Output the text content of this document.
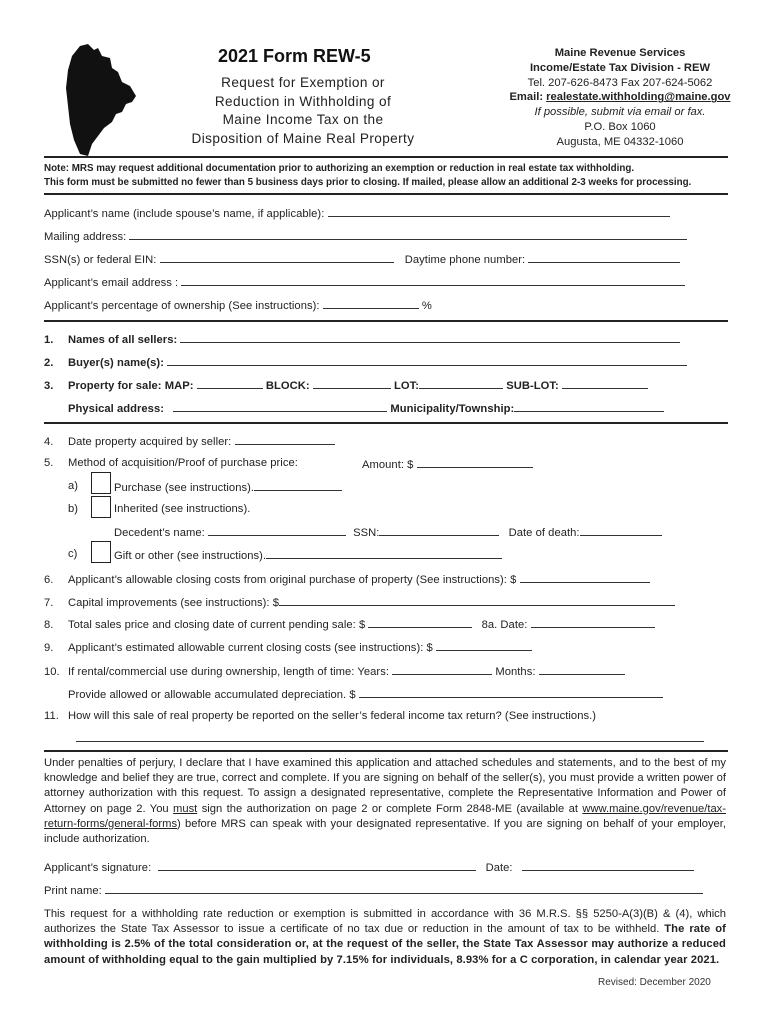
2021 Form REW-5
Request for Exemption or
Reduction in Withholding of
Maine Income Tax on the
Disposition of Maine Real Property
Maine Revenue Services
Income/Estate Tax Division - REW
Tel. 207-626-8473 Fax 207-624-5062
Email: realestate.withholding@maine.gov
If possible, submit via email or fax.
P.O. Box 1060
Augusta, ME 04332-1060
Note: MRS may request additional documentation prior to authorizing an exemption or reduction in real estate tax withholding.
This form must be submitted no fewer than 5 business days prior to closing. If mailed, please allow an additional 2-3 weeks for processing.
Applicant’s name (include spouse’s name, if applicable):
Mailing address:
SSN(s) or federal EIN:	Daytime phone number:
Applicant’s email address :
Applicant’s percentage of ownership (See instructions):	%
1. Names of all sellers:
2. Buyer(s) name(s):
3. Property for sale: MAP:	BLOCK:	LOT:	SUB-LOT:
Physical address:	Municipality/Township:
4. Date property acquired by seller:
5. Method of acquisition/Proof of purchase price:	Amount: $
a)	Purchase (see instructions).
b)	Inherited (see instructions).
Decedent’s name:	SSN:	Date of death:
c)	Gift or other (see instructions).
6. Applicant’s allowable closing costs from original purchase of property (See instructions): $
7. Capital improvements (see instructions): $
8. Total sales price and closing date of current pending sale: $	8a. Date:
9. Applicant’s estimated allowable current closing costs (see instructions): $
10. If rental/commercial use during ownership, length of time: Years:	Months:
Provide allowed or allowable accumulated depreciation. $
11. How will this sale of real property be reported on the seller’s federal income tax return? (See instructions.)

Under penalties of perjury, I declare that I have examined this application and attached schedules and statements, and to the best of my knowledge and belief they are true, correct and complete. If you are signing on behalf of the seller(s), you must provide a written power of attorney authorization with this request. To assign a designated representative, complete the Representative Information and Power of Attorney on page 2. You must sign the authorization on page 2 or complete Form 2848-ME (available at www.maine.gov/revenue/tax-return-forms/general-forms) before MRS can speak with your designated representative. If you are signing on behalf of your employer, include authorization.

Applicant’s signature:	Date:
Print name:

This request for a withholding rate reduction or exemption is submitted in accordance with 36 M.R.S. §§ 5250-A(3)(B) & (4), which authorizes the State Tax Assessor to issue a certificate of no tax due or reduction in the amount of tax to be withheld. The rate of withholding is 2.5% of the total consideration or, at the request of the seller, the State Tax Assessor may authorize a reduced amount of withholding equal to the gain multiplied by 7.15% for individuals, 8.93% for a C corporation, in calendar year 2021.

Revised: December 2020
